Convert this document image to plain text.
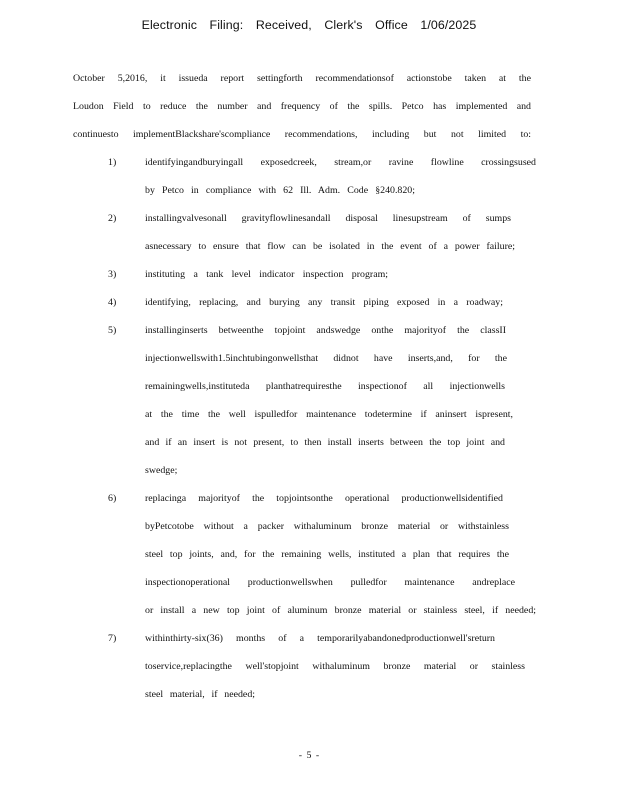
Electronic Filing: Received, Clerk's Office 1/06/2025
October 5,2016, it issueda report settingforth recommendationsof actionstobe taken at the
Loudon Field to reduce the number and frequency of the spills. Petco has implemented and
continuesto implementBlackshare'scompliance recommendations, including but not limited to:
1)	identifyingandburyingall exposedcreek, stream,or ravine flowline crossingsused
by Petco in compliance with 62 Ill. Adm. Code §240.820;
2)	installingvalvesonall gravityflowlinesandall disposal linesupstream of sumps
asnecessary to ensure that flow can be isolated in the event of a power failure;
3)	instituting a tank level indicator inspection program;
4)	identifying, replacing, and burying any transit piping exposed in a roadway;
5)	installinginserts betweenthe topjoint andswedge onthe majorityof the classII
injectionwellswith1.5inchtubingonwellsthat didnot have inserts,and, for the
remainingwells,instituteda planthatrequiresthe inspectionof all injectionwells
at the time the well ispulledfor maintenance todetermine if aninsert ispresent,
and if an insert is not present, to then install inserts between the top joint and
swedge;
6)	replacinga majorityof the topjointsonthe operational productionwellsidentified
byPetcotobe without a packer withaluminum bronze material or withstainless
steel top joints, and, for the remaining wells, instituted a plan that requires the
inspectionoperational productionwellswhen pulledfor maintenance andreplace
or install a new top joint of aluminum bronze material or stainless steel, if needed;
7)	withinthirty-six(36) months of a temporarilyabandonedproductionwell'sreturn
toservice,replacingthe well'stopjoint withaluminum bronze material or stainless
steel material, if needed;
- 5 -
